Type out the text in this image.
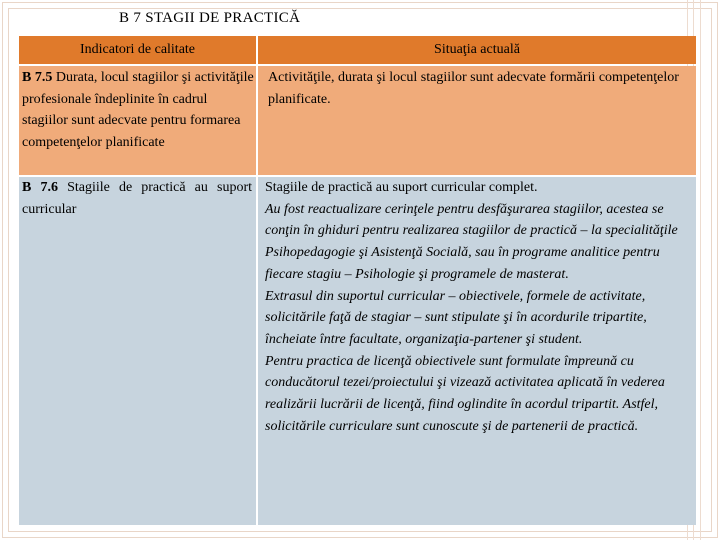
B 7 STAGII DE PRACTICĂ
Indicatori de calitate	Situaţia actuală
B 7.5 Durata, locul stagiilor şi activităţile profesionale îndeplinite în cadrul stagiilor sunt adecvate pentru formarea competenţelor planificate

Activităţile, durata şi locul stagiilor sunt adecvate formării competenţelor planificate.

B 7.6 Stagiile de practică au suport curricular

Stagiile de practică au suport curricular complet.

Au fost reactualizare cerinţele pentru desfăşurarea stagiilor, acestea se conţin în ghiduri pentru realizarea stagiilor de practică – la specialităţile Psihopedagogie şi Asistenţă Socială, sau în programe analitice pentru fiecare stagiu – Psihologie şi programele de masterat.

Extrasul din suportul curricular – obiectivele, formele de activitate, solicitările faţă de stagiar – sunt stipulate şi în acordurile tripartite, încheiate între facultate, organizaţia-partener şi student.

Pentru practica de licenţă obiectivele sunt formulate împreună cu conducătorul tezei/proiectului şi vizează activitatea aplicată în vederea realizării lucrării de licenţă, fiind oglindite în acordul tripartit. Astfel, solicitările curriculare sunt cunoscute şi de partenerii de practică.
